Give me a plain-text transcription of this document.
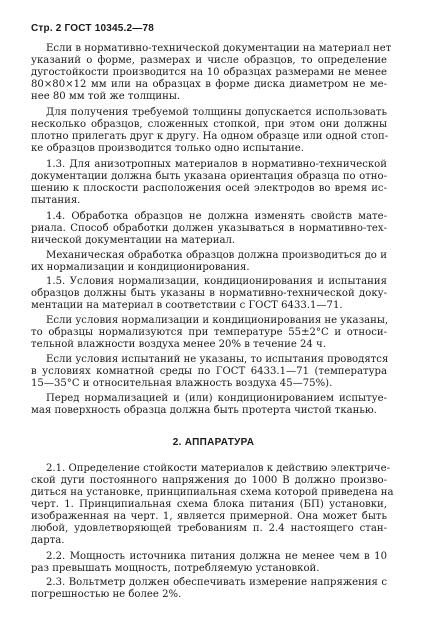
Стр. 2 ГОСТ 10345.2—78
Если в нормативно-технической документации на материал нет
указаний о форме, размерах и числе образцов, то определение
дугостойкости производится на 10 образцах размерами не менее
80×80×12 мм или на образцах в форме диска диаметром не ме-
нее 80 мм той же толщины.
Для получения требуемой толщины допускается использовать
несколько образцов, сложенных стопкой, при этом они должны
плотно прилегать друг к другу. На одном образце или одной стоп-
ке образцов производится только одно испытание.
1.3. Для анизотропных материалов в нормативно-технической
документации должна быть указана ориентация образца по отно-
шению к плоскости расположения осей электродов во время ис-
пытания.
1.4. Обработка образцов не должна изменять свойств мате-
риала. Способ обработки должен указываться в нормативно-тех-
нической документации на материал.
Механическая обработка образцов должна производиться до и
их нормализации и кондиционирования.
1.5. Условия нормализации, кондиционирования и испытания
образцов должны быть указаны в нормативно-технической доку-
ментации на материал в соответствии с ГОСТ 6433.1—71.
Если условия нормализации и кондиционирования не указаны,
то образцы нормализуются при температуре 55±2°С и относи-
тельной влажности воздуха менее 20% в течение 24 ч.
Если условия испытаний не указаны, то испытания проводятся
в условиях комнатной среды по ГОСТ 6433.1—71 (температура
15—35°С и относительная влажность воздуха 45—75%).
Перед нормализацией и (или) кондиционированием испытуе-
мая поверхность образца должна быть протерта чистой тканью.
2. АППАРАТУРА
2.1. Определение стойкости материалов к действию электриче-
ской дуги постоянного напряжения до 1000 В должно произво-
диться на установке, принципиальная схема которой приведена на
черт. 1. Принципиальная схема блока питания (БП) установки,
изображенная на черт. 1, является примерной. Она может быть
любой, удовлетворяющей требованиям п. 2.4 настоящего стан-
дарта.
2.2. Мощность источника питания должна не менее чем в 10
раз превышать мощность, потребляемую установкой.
2.3. Вольтметр должен обеспечивать измерение напряжения с
погрешностью не более 2%.
